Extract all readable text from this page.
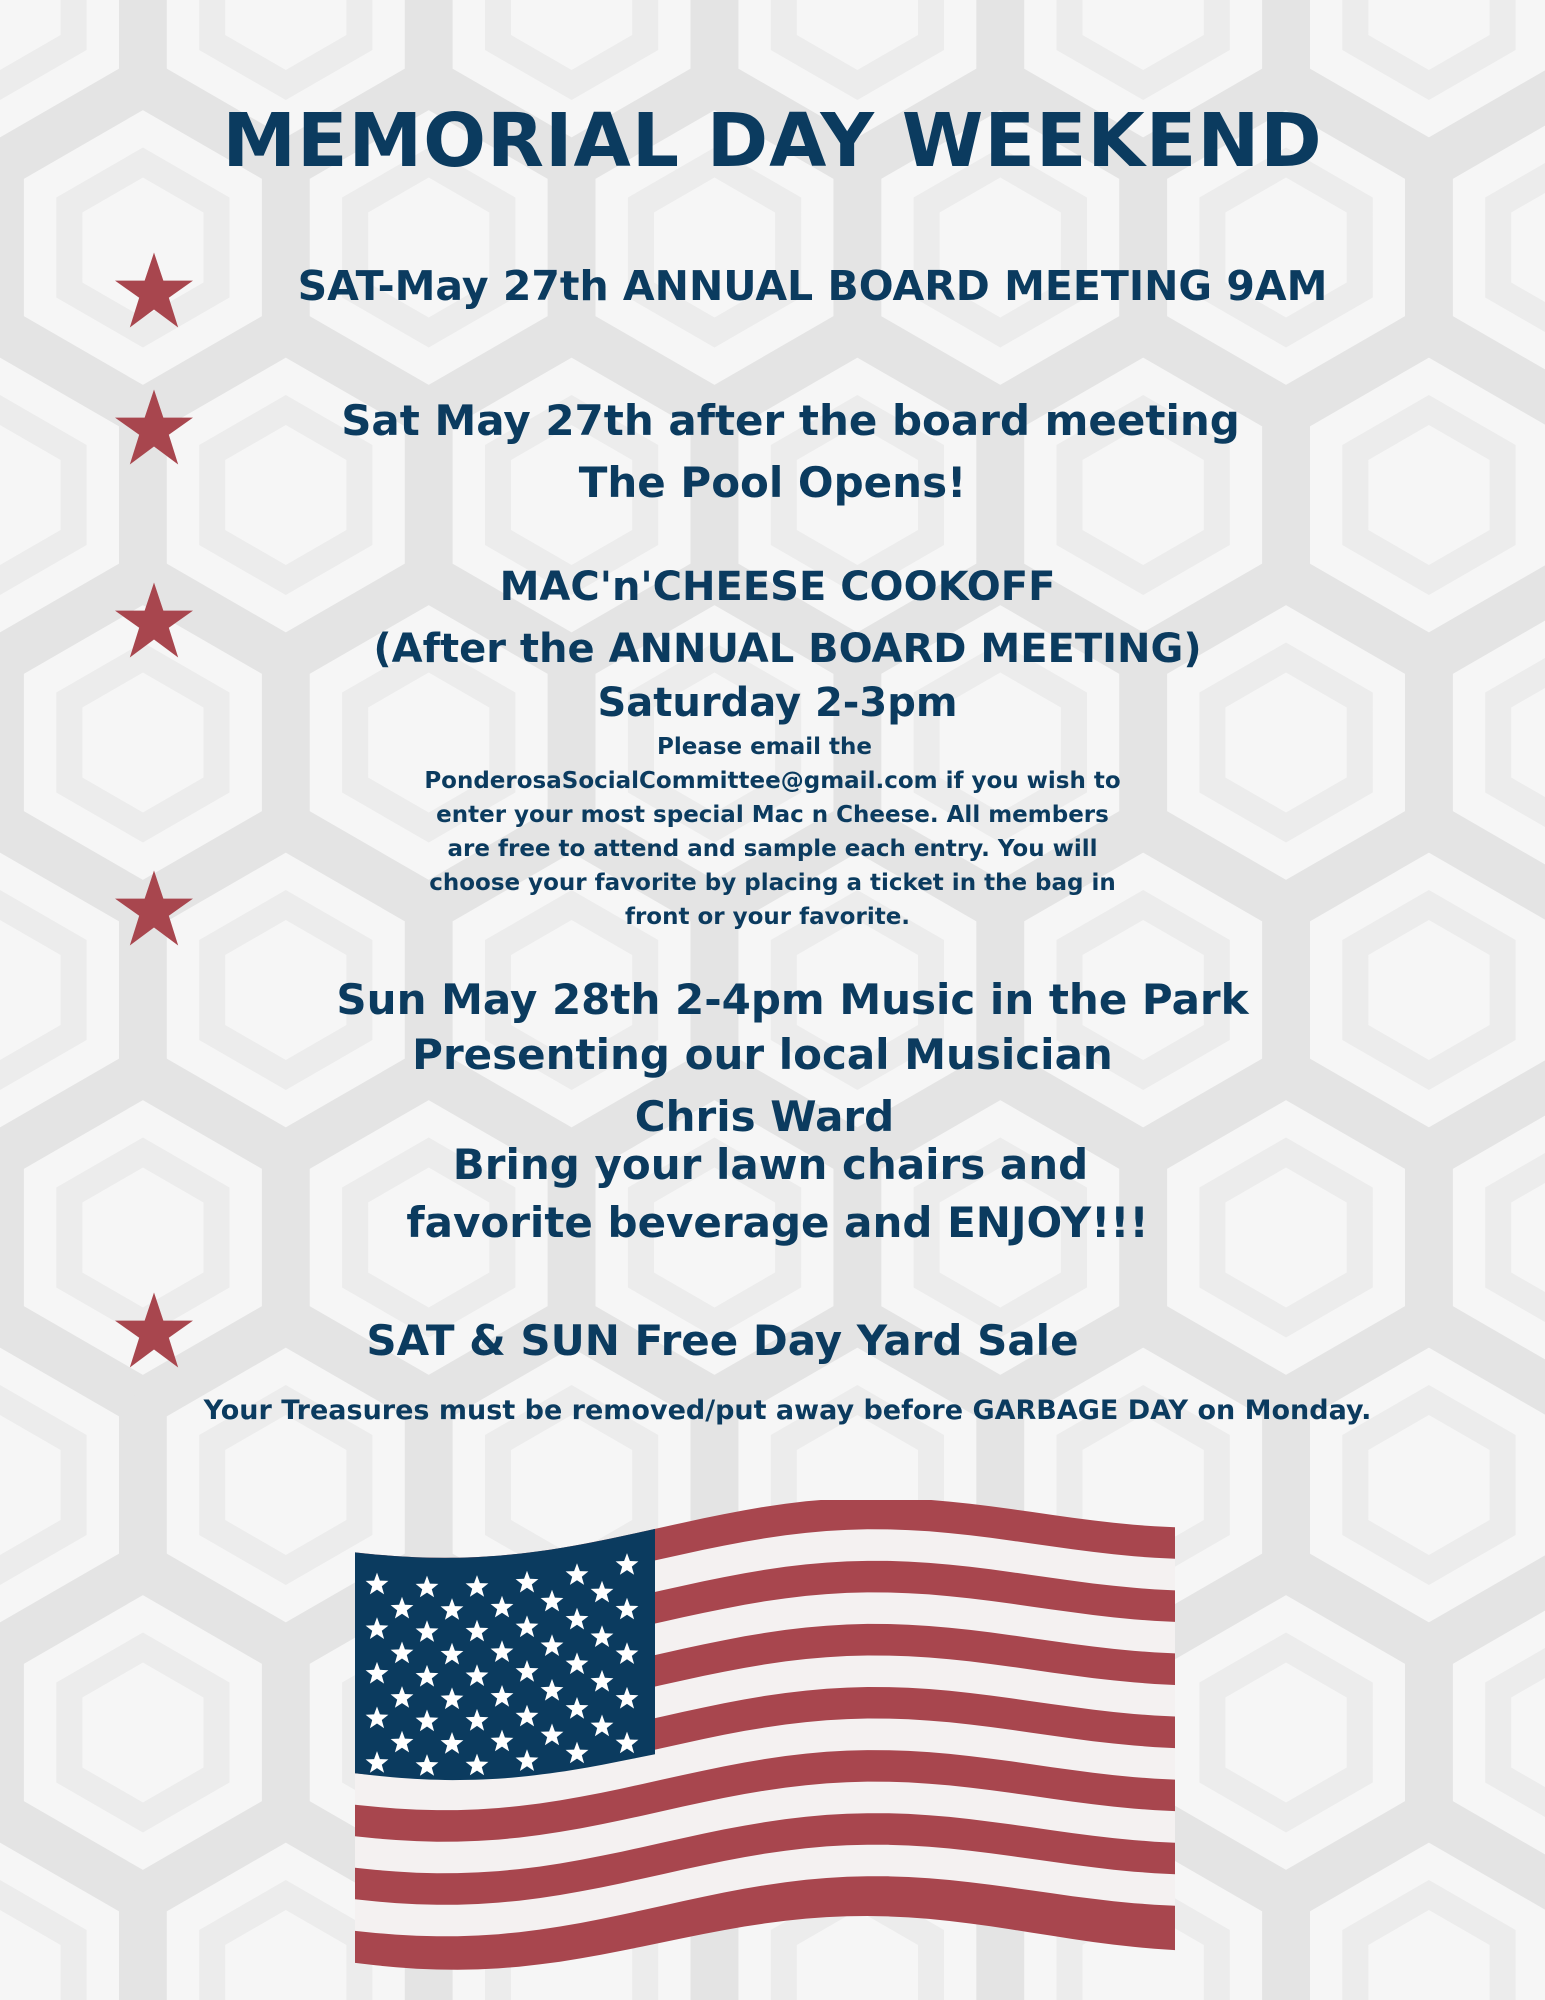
MEMORIAL DAY WEEKEND

SAT-May 27th ANNUAL BOARD MEETING 9AM

Sat May 27th after the board meeting

The Pool Opens!

MAC'n'CHEESE COOKOFF

(After the ANNUAL BOARD MEETING)

Saturday 2-3pm

Please email the

PonderosaSocialCommittee@gmail.com if you wish to

enter your most special Mac n Cheese. All members

are free to attend and sample each entry. You will

choose your favorite by placing a ticket in the bag in

front or your favorite.

Sun May 28th 2-4pm Music in the Park

Presenting our local Musician

Chris Ward

Bring your lawn chairs and

favorite beverage and ENJOY!!!

SAT & SUN Free Day Yard Sale

Your Treasures must be removed/put away before GARBAGE DAY on Monday.
